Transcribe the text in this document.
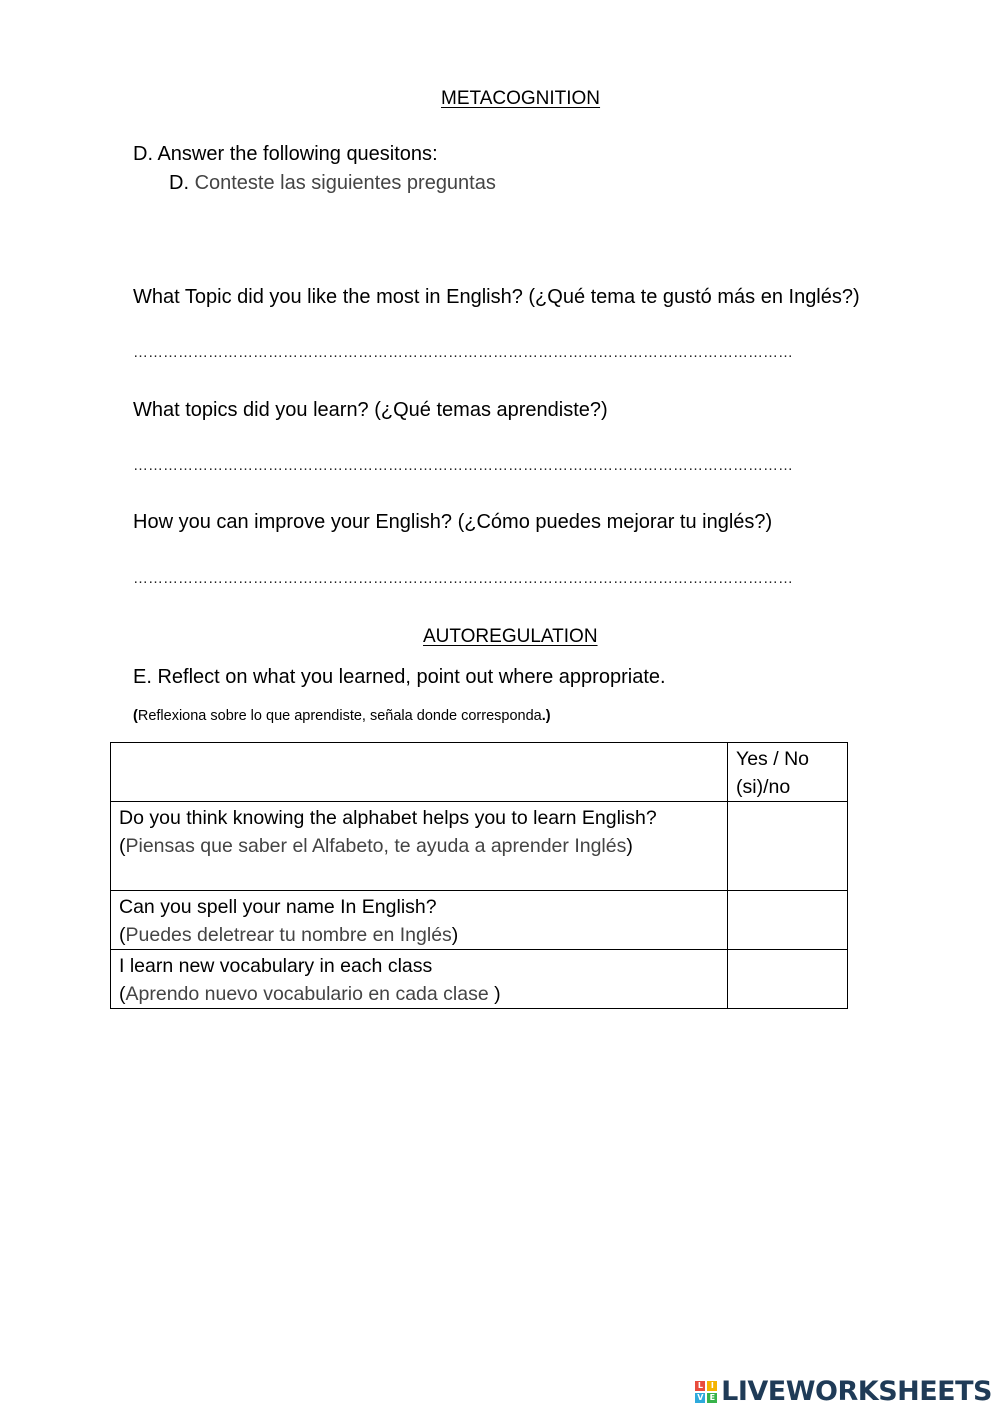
METACOGNITION
D. Answer the following quesitons:
D. Conteste las siguientes preguntas
What Topic did you like the most in English? (¿Qué tema te gustó más en Inglés?)
……………………………………………………………………………………………………………………
What topics did you learn? (¿Qué temas aprendiste?)
……………………………………………………………………………………………………………………
How you can improve your English? (¿Cómo puedes mejorar tu inglés?)
……………………………………………………………………………………………………………………
AUTOREGULATION
E. Reflect on what you learned, point out where appropriate.
(Reflexiona sobre lo que aprendiste, señala donde corresponda.)

	Yes / No
(si)/no

Do you think knowing the alphabet helps you to learn English?
(Piensas que saber el Alfabeto, te ayuda a aprender Inglés)	

Can you spell your name In English?
(Puedes deletrear tu nombre en Inglés)	

I learn new vocabulary in each class
(Aprendo nuevo vocabulario en cada clase )	

L	I
V E LIVEWORKSHEETS
